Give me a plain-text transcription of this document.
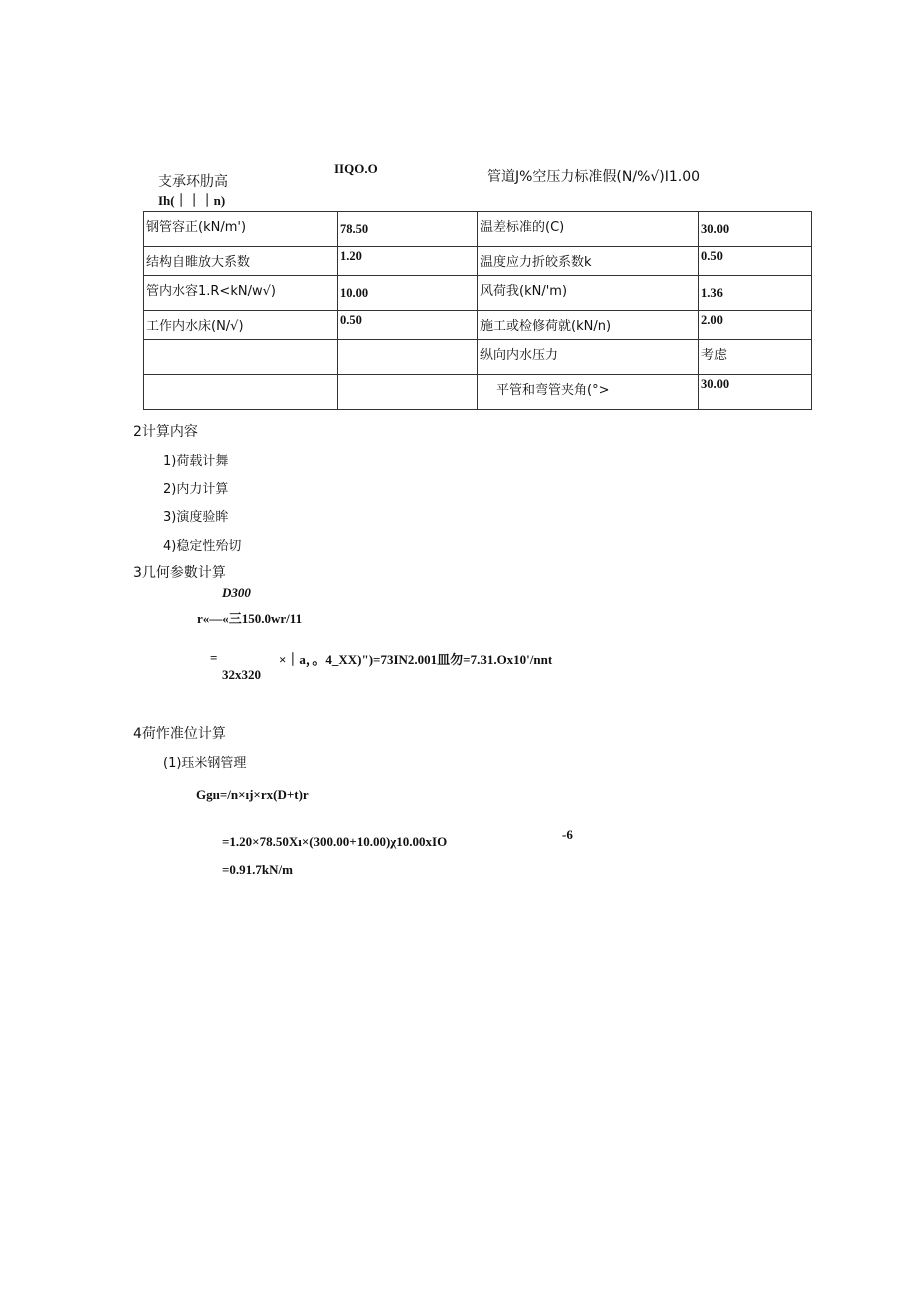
支承环肋高
Ih(｜｜｜n)
IIQO.O
管道J%空压力标准假(N/%√)I1.00
钢管容正(kN/m')	78.50	温差标准的(C)	30.00
结构自睢放大系数	1.20	温度应力折皎系数k	0.50
管内水容1.R<kN/w√)	10.00	风荷我(kN/'m)	1.36
工作内水床(N/√)	0.50	施工或检修荷就(kN/n)	2.00
		纵向内水压力	考虑
		平管和弯管夹角(°>	30.00
2计算内容
1)荷载计舞
2)内力计算
3)演度验眸
4)稳定性殆切
3几何参數计算
D300
r«—«三150.0wr/11
=	×｜a，。4_XX)")=73IN2.001皿勿=7.31.Ox10'/nnt
32x320
4荷怍准位计算
(1)珏米钢管理
Ggıı=/n×ıj×rx(D+t)r
-6
=1.20×78.50Xı×(300.00+10.00)χ10.00xIO
=0.91.7kN/m
